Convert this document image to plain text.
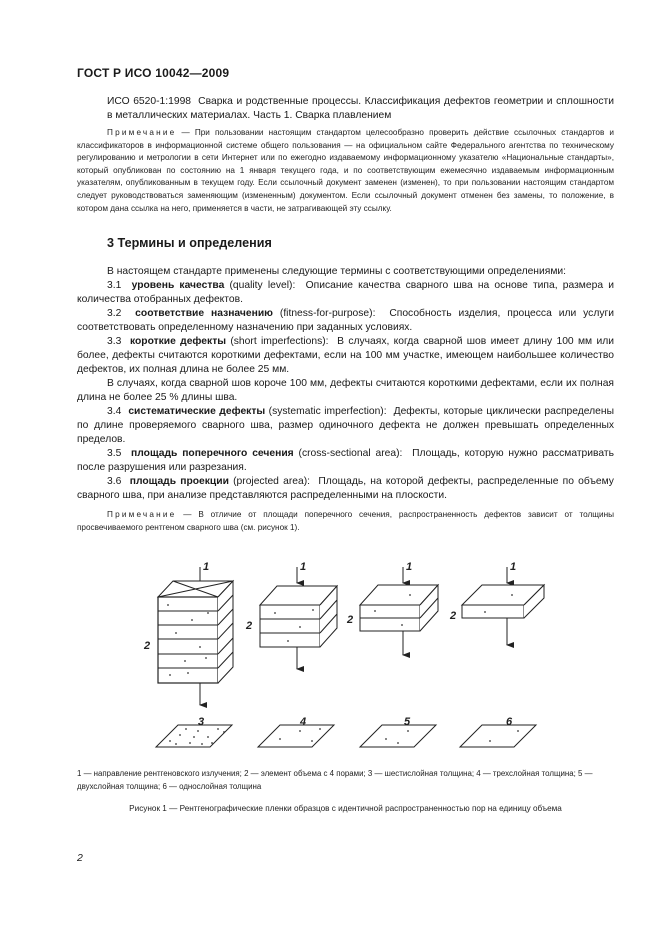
ГОСТ Р ИСО 10042—2009
ИСО 6520-1:1998 Сварка и родственные процессы. Классификация дефектов геометрии и сплошности в металлических материалах. Часть 1. Сварка плавлением
Примечание — При пользовании настоящим стандартом целесообразно проверить действие ссылочных стандартов и классификаторов в информационной системе общего пользования — на официальном сайте Федерального агентства по техническому регулированию и метрологии в сети Интернет или по ежегодно издаваемому информационному указателю «Национальные стандарты», который опубликован по состоянию на 1 января текущего года, и по соответствующим ежемесячно издаваемым информационным указателям, опубликованным в текущем году. Если ссылочный документ заменен (изменен), то при пользовании настоящим стандартом следует руководствоваться заменяющим (измененным) документом. Если ссылочный документ отменен без замены, то положение, в котором дана ссылка на него, применяется в части, не затрагивающей эту ссылку.
3 Термины и определения
В настоящем стандарте применены следующие термины с соответствующими определениями:
3.1 уровень качества (quality level): Описание качества сварного шва на основе типа, размера и количества отобранных дефектов.
3.2 соответствие назначению (fitness-for-purpose): Способность изделия, процесса или услуги соответствовать определенному назначению при заданных условиях.
3.3 короткие дефекты (short imperfections): В случаях, когда сварной шов имеет длину 100 мм или более, дефекты считаются короткими дефектами, если на 100 мм участке, имеющем наибольшее количество дефектов, их полная длина не более 25 мм.
В случаях, когда сварной шов короче 100 мм, дефекты считаются короткими дефектами, если их полная длина не более 25 % длины шва.
3.4 систематические дефекты (systematic imperfection): Дефекты, которые циклически распределены по длине проверяемого сварного шва, размер одиночного дефекта не должен превышать определенных пределов.
3.5 площадь поперечного сечения (cross-sectional area): Площадь, которую нужно рассматривать после разрушения или разрезания.
3.6 площадь проекции (projected area): Площадь, на которой дефекты, распределенные по объему сварного шва, при анализе представляются распределенными на плоскости.
Примечание — В отличие от площади поперечного сечения, распространенность дефектов зависит от толщины просвечиваемого рентгеном сварного шва (см. рисунок 1).
1
2
1
2
1
2
1
2
3	4	5	6
1 — направление рентгеновского излучения; 2 — элемент объема с 4 порами; 3 — шестислойная толщина; 4 — трехслойная толщина; 5 — двухслойная толщина; 6 — однослойная толщина
Рисунок 1 — Рентгенографические пленки образцов с идентичной распространенностью пор на единицу объема
2
